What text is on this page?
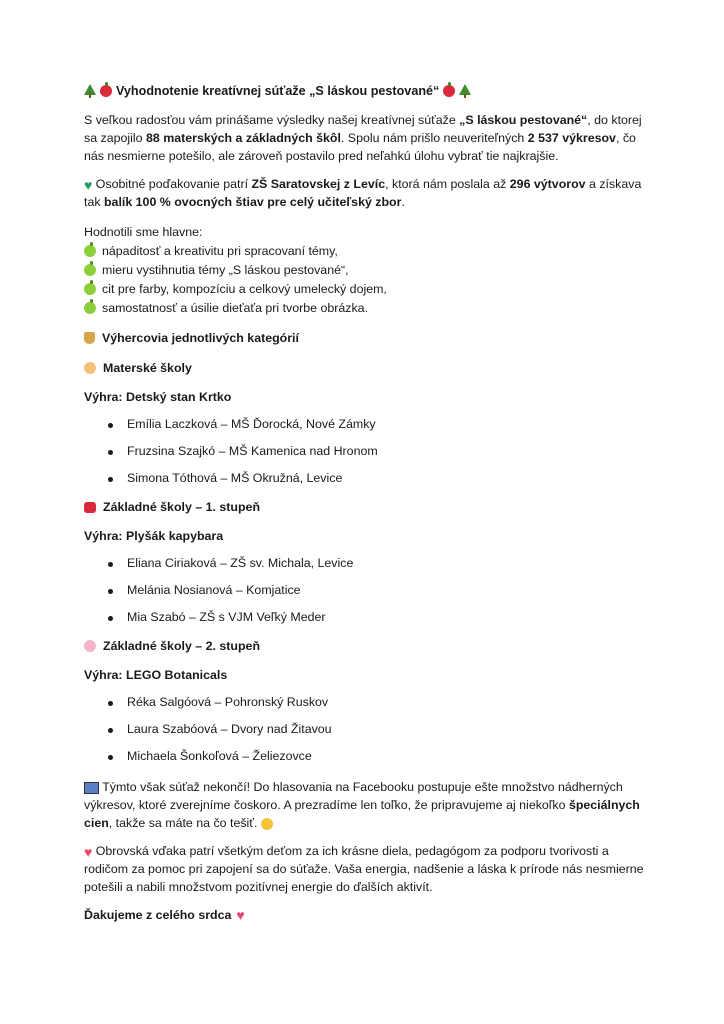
Vyhodnotenie kreatívnej súťaže „S láskou pestované“

S veľkou radosťou vám prinášame výsledky našej kreatívnej súťaže „S láskou pestované“, do ktorej sa zapojilo 88 materských a základných škôl. Spolu nám prišlo neuveriteľných 2 537 výkresov, čo nás nesmierne potešilo, ale zároveň postavilo pred neľahkú úlohu vybrať tie najkrajšie.

♥ Osobitné poďakovanie patrí ZŠ Saratovskej z Levíc, ktorá nám poslala až 296 výtvorov a získava tak balík 100 % ovocných štiav pre celý učiteľský zbor.

Hodnotili sme hlavne:

nápaditosť a kreativitu pri spracovaní témy,
mieru vystihnutia témy „S láskou pestované“,
cit pre farby, kompozíciu a celkový umelecký dojem,
samostatnosť a úsilie dieťaťa pri tvorbe obrázka.
Výhercovia jednotlivých kategórií
Materské školy
Výhra: Detský stan Krtko
Emília Laczková – MŠ Ďorocká, Nové Zámky
Fruzsina Szajkó – MŠ Kamenica nad Hronom
Simona Tóthová – MŠ Okružná, Levice
Základné školy – 1. stupeň
Výhra: Plyšák kapybara
Eliana Ciriaková – ZŠ sv. Michala, Levice
Melánia Nosianová – Komjatice
Mia Szabó – ZŠ s VJM Veľký Meder
Základné školy – 2. stupeň
Výhra: LEGO Botanicals
Réka Salgóová – Pohronský Ruskov
Laura Szabóová – Dvory nad Žitavou
Michaela Šonkoľová – Želiezovce

Týmto však súťaž nekončí! Do hlasovania na Facebooku postupuje ešte množstvo nádherných výkresov, ktoré zverejníme čoskoro. A prezradíme len toľko, že pripravujeme aj niekoľko špeciálnych cien, takže sa máte na čo tešiť.

♥ Obrovská vďaka patrí všetkým deťom za ich krásne diela, pedagógom za podporu tvorivosti a rodičom za pomoc pri zapojení sa do súťaže. Vaša energia, nadšenie a láska k prírode nás nesmierne potešili a nabili množstvom pozitívnej energie do ďalších aktivít.

Ďakujeme z celého srdca ♥
